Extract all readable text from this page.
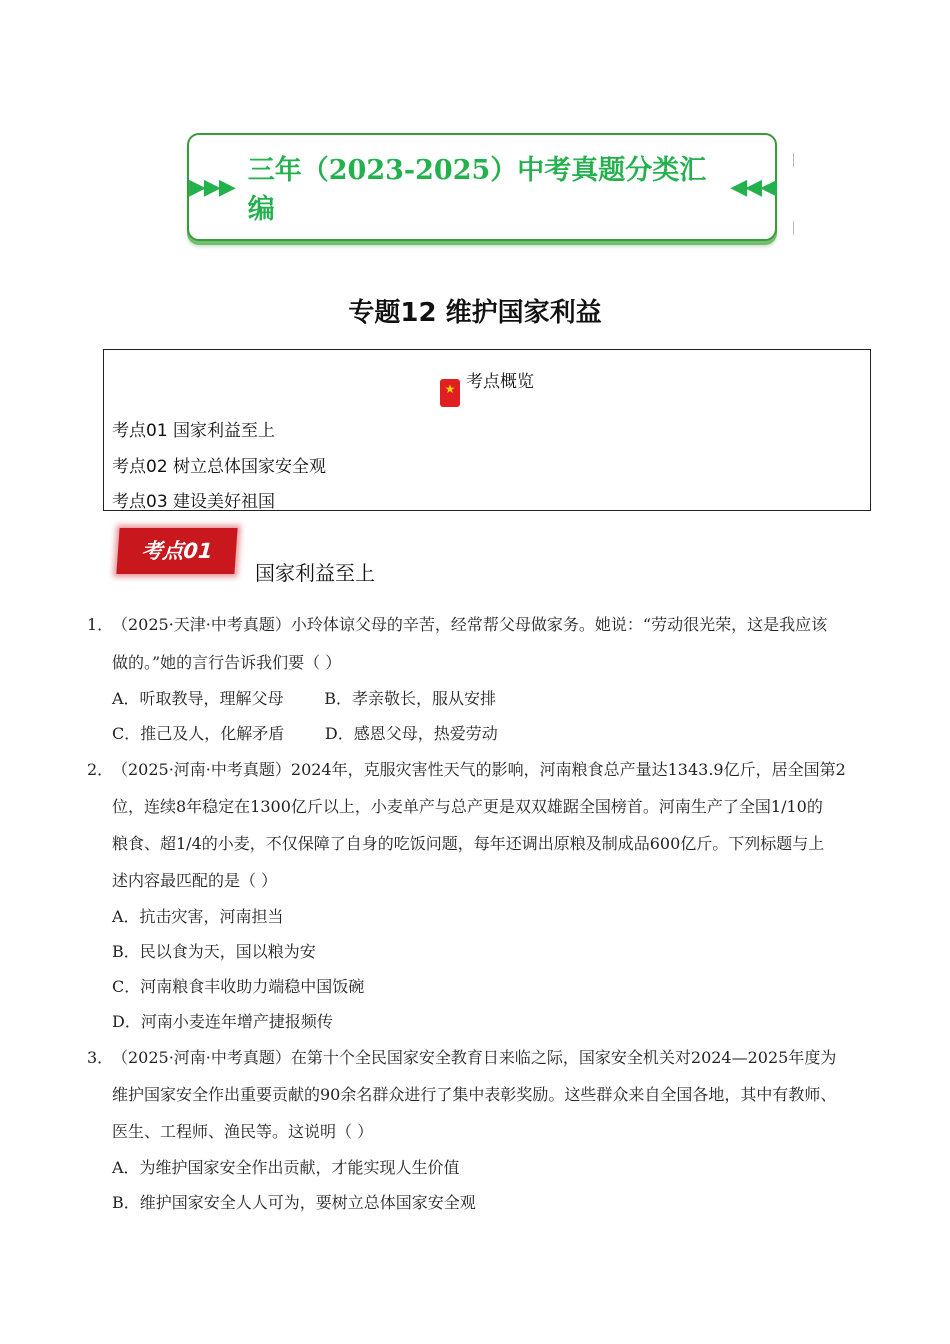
▶▶▶
三年（2023-2025）中考真题分类汇编
◀◀◀
专题12 维护国家利益
★ 考点概览
考点01 国家利益至上
考点02 树立总体国家安全观
考点03 建设美好祖国
考点01
国家利益至上
1．
（2025·天津·中考真题）小玲体谅父母的辛苦，经常帮父母做家务。她说：“劳动很光荣，这是我应该
做的。”她的言行告诉我们要（ ）
A．听取教导，理解父母        B．孝亲敬长，服从安排
C．推己及人，化解矛盾        D．感恩父母，热爱劳动
2．
（2025·河南·中考真题）2024年，克服灾害性天气的影响，河南粮食总产量达1343.9亿斤，居全国第2
位，连续8年稳定在1300亿斤以上，小麦单产与总产更是双双雄踞全国榜首。河南生产了全国1/10的
粮食、超1/4的小麦，不仅保障了自身的吃饭问题，每年还调出原粮及制成品600亿斤。下列标题与上
述内容最匹配的是（ ）
A．抗击灾害，河南担当
B．民以食为天，国以粮为安
C．河南粮食丰收助力端稳中国饭碗
D．河南小麦连年增产捷报频传
3．
（2025·河南·中考真题）在第十个全民国家安全教育日来临之际，国家安全机关对2024—2025年度为
维护国家安全作出重要贡献的90余名群众进行了集中表彰奖励。这些群众来自全国各地，其中有教师、
医生、工程师、渔民等。这说明（ ）
A．为维护国家安全作出贡献，才能实现人生价值
B．维护国家安全人人可为，要树立总体国家安全观
